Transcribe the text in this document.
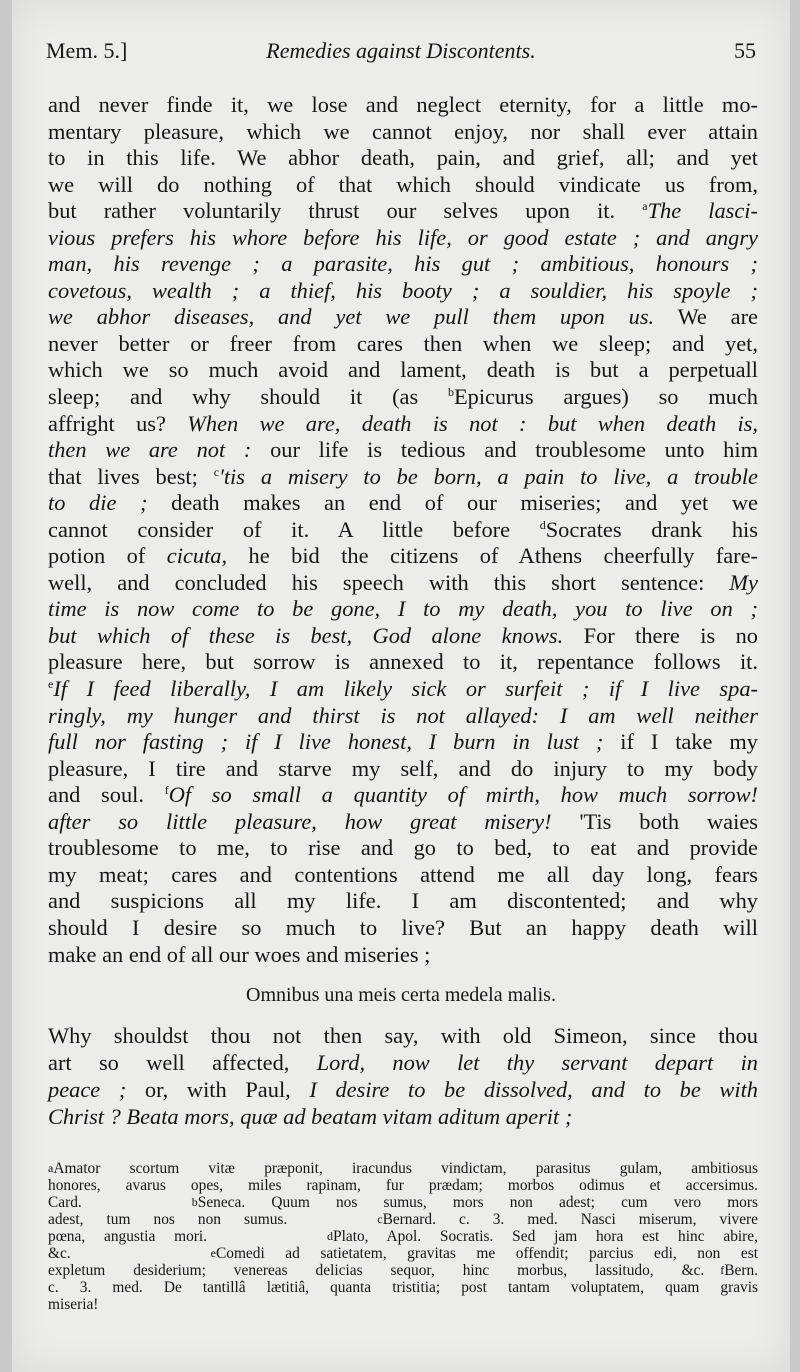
Mem. 5.]	Remedies against Discontents.	55
and never finde it, we lose and neglect eternity, for a little mo-
mentary pleasure, which we cannot enjoy, nor shall ever attain
to in this life. We abhor death, pain, and grief, all; and yet
we will do nothing of that which should vindicate us from,
but rather voluntarily thrust our selves upon it. $^a$The lasci-
vious prefers his whore before his life, or good estate ; and angry
man, his revenge ; a parasite, his gut ; ambitious, honours ;
covetous, wealth ; a thief, his booty ; a souldier, his spoyle ;
we abhor diseases, and yet we pull them upon us. We are
never better or freer from cares then when we sleep; and yet,
which we so much avoid and lament, death is but a perpetuall
sleep; and why should it (as $^b$Epicurus argues) so much
affright us? When we are, death is not : but when death is,
then we are not : our life is tedious and troublesome unto him
that lives best; $^c$'tis a misery to be born, a pain to live, a trouble
to die ; death makes an end of our miseries; and yet we
cannot consider of it. A little before $^d$Socrates drank his
potion of cicuta, he bid the citizens of Athens cheerfully fare-
well, and concluded his speech with this short sentence: My
time is now come to be gone, I to my death, you to live on ;
but which of these is best, God alone knows. For there is no
pleasure here, but sorrow is annexed to it, repentance follows it.
$^e$If I feed liberally, I am likely sick or surfeit ; if I live spa-
ringly, my hunger and thirst is not allayed: I am well neither
full nor fasting ; if I live honest, I burn in lust ; if I take my
pleasure, I tire and starve my self, and do injury to my body
and soul. $^f$Of so small a quantity of mirth, how much sorrow!
after so little pleasure, how great misery! 'Tis both waies
troublesome to me, to rise and go to bed, to eat and provide
my meat; cares and contentions attend me all day long, fears
and suspicions all my life. I am discontented; and why
should I desire so much to live? But an happy death will
make an end of all our woes and miseries ;
Omnibus una meis certa medela malis.
Why shouldst thou not then say, with old Simeon, since thou
art so well affected, Lord, now let thy servant depart in
peace ; or, with Paul, I desire to be dissolved, and to be with
Christ ? Beata mors, quæ ad beatam vitam aditum aperit ;
$^a$Amator scortum vitæ præponit, iracundus vindictam, parasitus gulam, ambitiosus
honores, avarus opes, miles rapinam, fur prædam; morbos odimus et accersimus.
Card.	$^b$Seneca. Quum nos sumus, mors non adest; cum vero mors
adest, tum nos non sumus.	$^c$Bernard. c. 3. med. Nasci miserum, vivere
pœna, angustia mori.	$^d$Plato, Apol. Socratis. Sed jam hora est hinc abire,
&c.	$^e$Comedi ad satietatem, gravitas me offendit; parcius edi, non est
expletum desiderium; venereas delicias sequor, hinc morbus, lassitudo, &c. $^f$Bern.
c. 3. med. De tantillâ lætitiâ, quanta tristitia; post tantam voluptatem, quam gravis
miseria!
